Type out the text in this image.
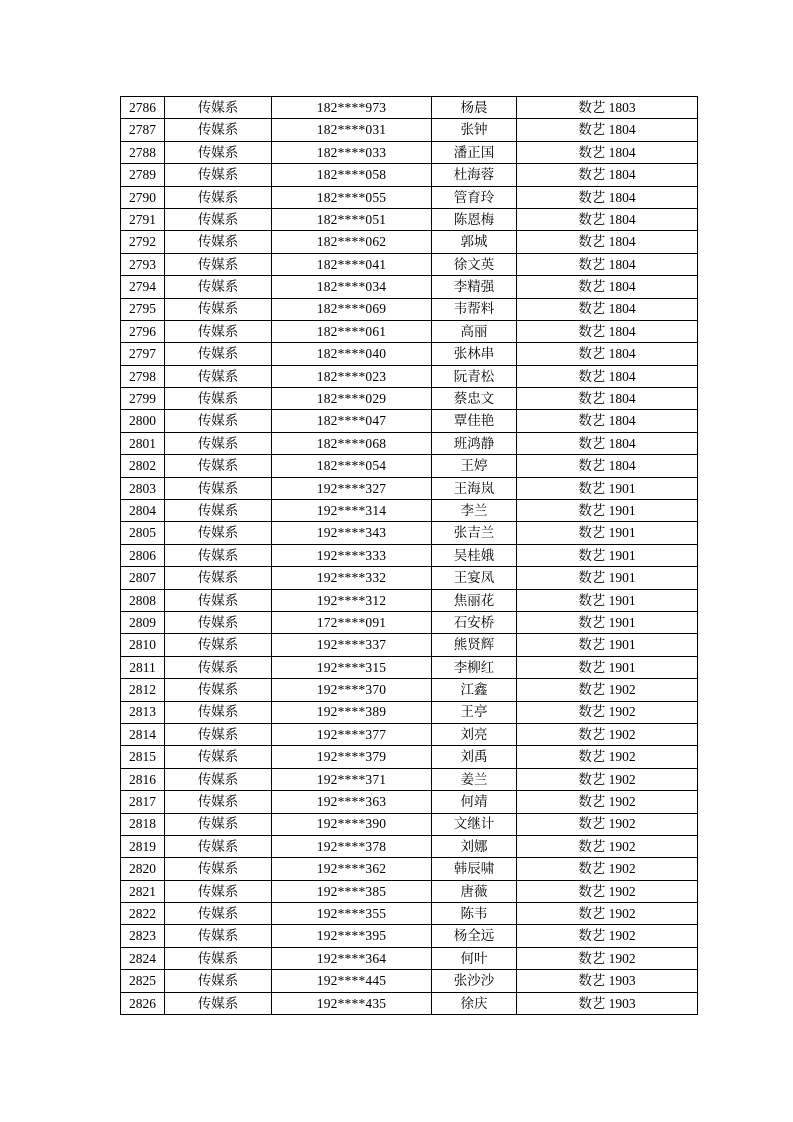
2786	传媒系	182****973	杨晨	数艺 1803
2787	传媒系	182****031	张钟	数艺 1804
2788	传媒系	182****033	潘正国	数艺 1804
2789	传媒系	182****058	杜海蓉	数艺 1804
2790	传媒系	182****055	管育玲	数艺 1804
2791	传媒系	182****051	陈恩梅	数艺 1804
2792	传媒系	182****062	郭城	数艺 1804
2793	传媒系	182****041	徐文英	数艺 1804
2794	传媒系	182****034	李精强	数艺 1804
2795	传媒系	182****069	韦帮料	数艺 1804
2796	传媒系	182****061	高丽	数艺 1804
2797	传媒系	182****040	张林串	数艺 1804
2798	传媒系	182****023	阮青松	数艺 1804
2799	传媒系	182****029	蔡忠文	数艺 1804
2800	传媒系	182****047	覃佳艳	数艺 1804
2801	传媒系	182****068	班鸿静	数艺 1804
2802	传媒系	182****054	王婷	数艺 1804
2803	传媒系	192****327	王海岚	数艺 1901
2804	传媒系	192****314	李兰	数艺 1901
2805	传媒系	192****343	张吉兰	数艺 1901
2806	传媒系	192****333	吴桂娥	数艺 1901
2807	传媒系	192****332	王宴凤	数艺 1901
2808	传媒系	192****312	焦丽花	数艺 1901
2809	传媒系	172****091	石安桥	数艺 1901
2810	传媒系	192****337	熊贤辉	数艺 1901
2811	传媒系	192****315	李柳红	数艺 1901
2812	传媒系	192****370	江鑫	数艺 1902
2813	传媒系	192****389	王亭	数艺 1902
2814	传媒系	192****377	刘亮	数艺 1902
2815	传媒系	192****379	刘禹	数艺 1902
2816	传媒系	192****371	姜兰	数艺 1902
2817	传媒系	192****363	何靖	数艺 1902
2818	传媒系	192****390	文继计	数艺 1902
2819	传媒系	192****378	刘娜	数艺 1902
2820	传媒系	192****362	韩辰啸	数艺 1902
2821	传媒系	192****385	唐薇	数艺 1902
2822	传媒系	192****355	陈韦	数艺 1902
2823	传媒系	192****395	杨全远	数艺 1902
2824	传媒系	192****364	何叶	数艺 1902
2825	传媒系	192****445	张沙沙	数艺 1903
2826	传媒系	192****435	徐庆	数艺 1903
